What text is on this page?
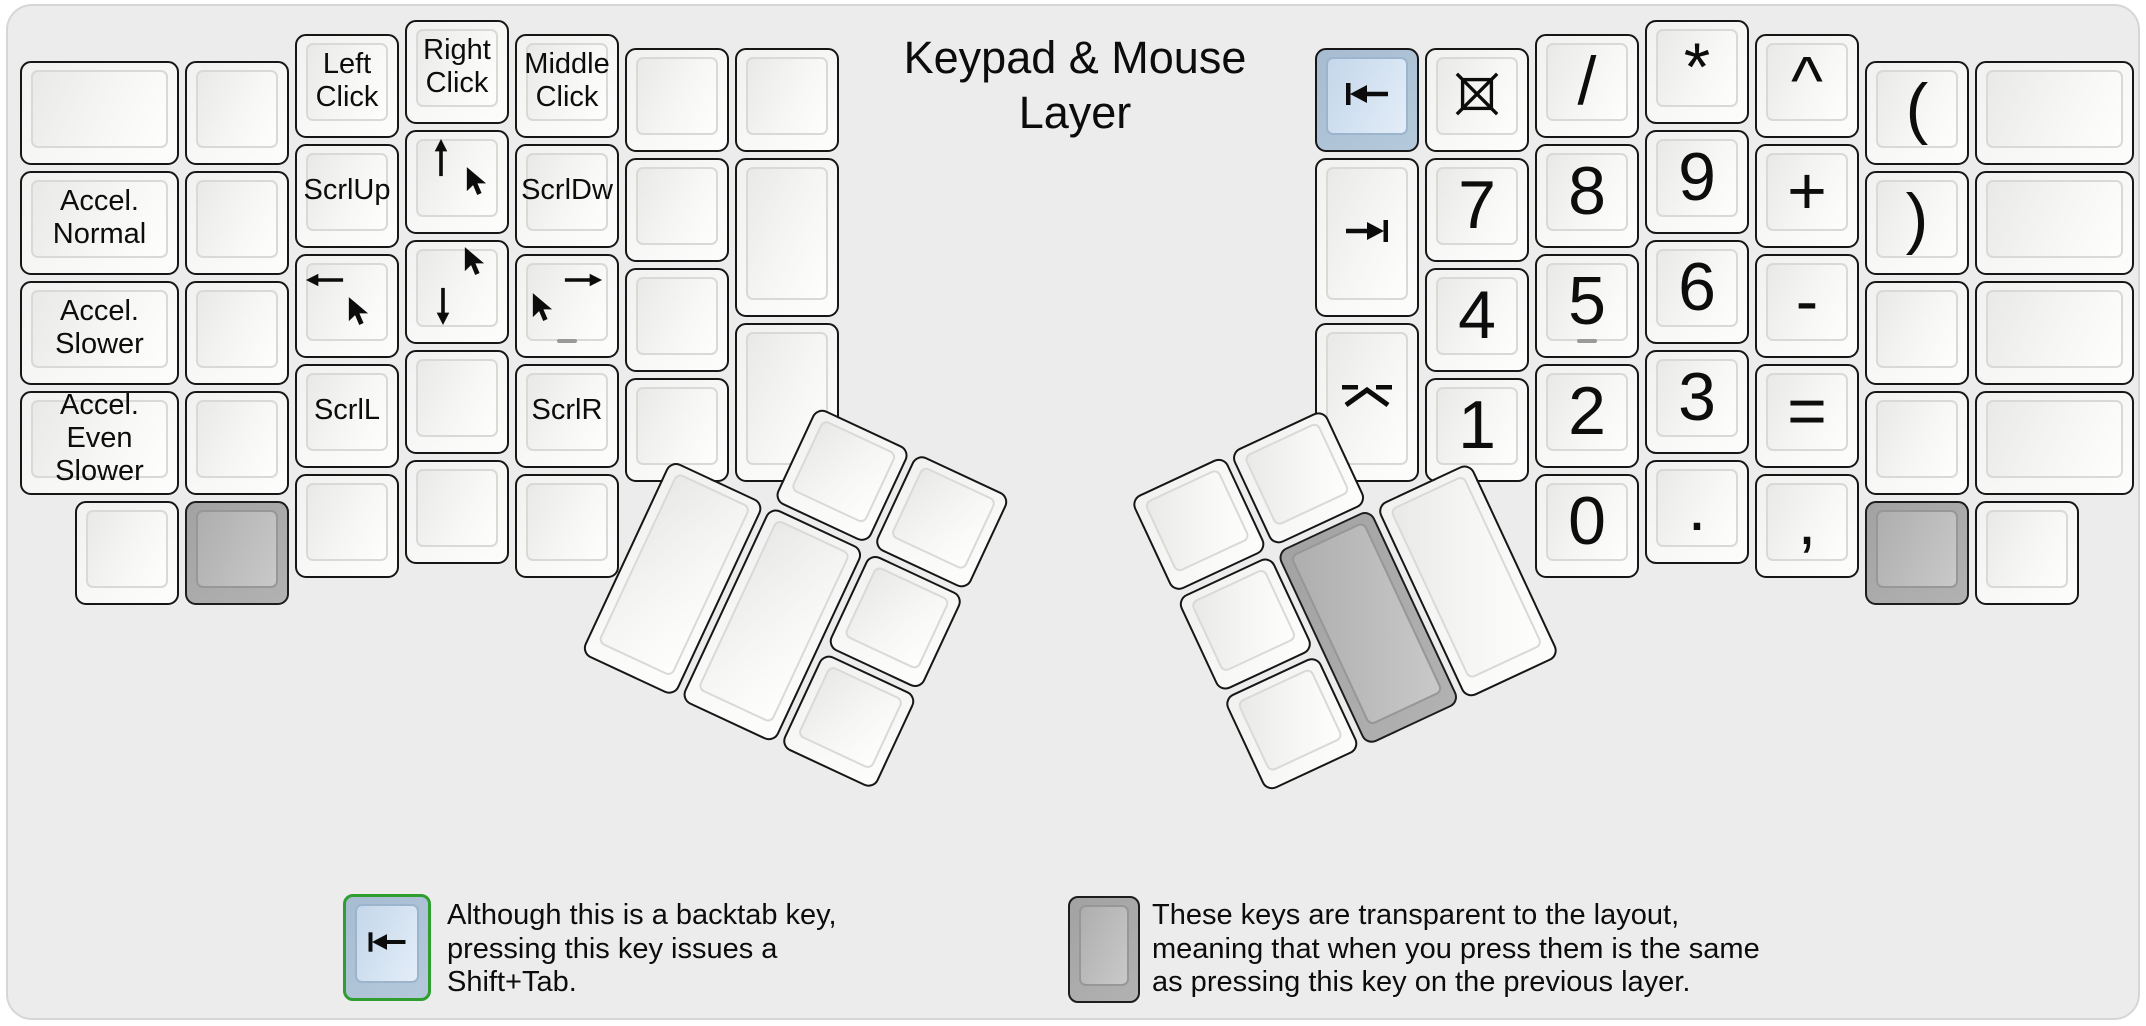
Keypad & Mouse
Layer
Accel.
Normal
Accel.
Slower
Accel.
Even
Slower
Left
Click
ScrlUp
ScrlL
Right
Click
Middle
Click
ScrlDw
ScrlR
7
4
1
/
8
5
2
0
*
9
6
3
.
^
+
-
=
,
(
)
Although this is a backtab key,
pressing this key issues a
Shift+Tab.
These keys are transparent to the layout,
meaning that when you press them is the same
as pressing this key on the previous layer.
